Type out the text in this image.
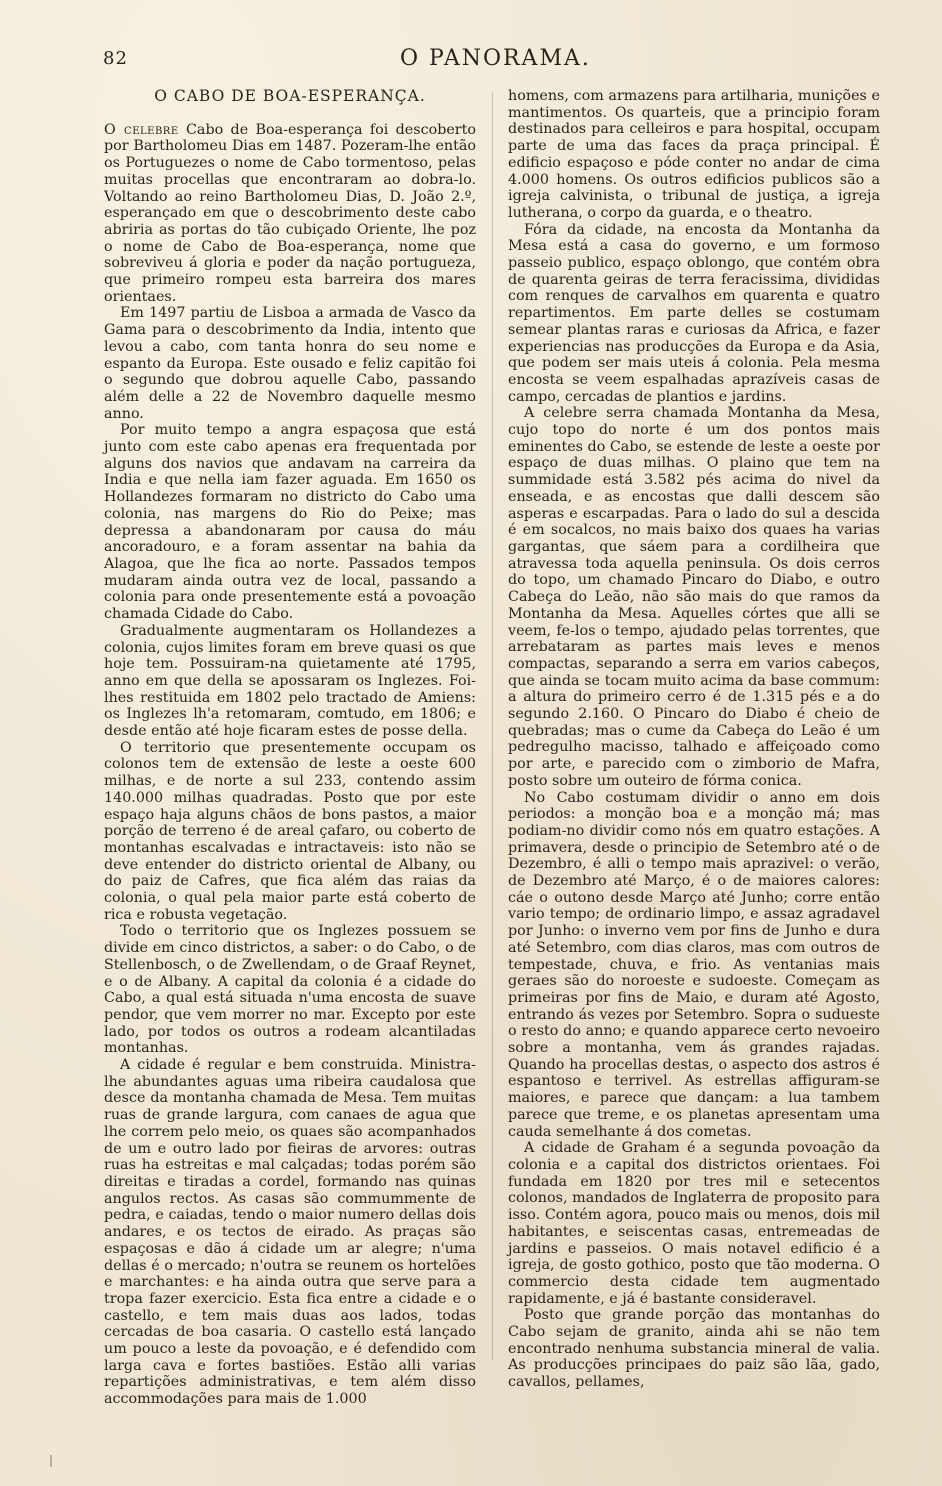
82	O PANORAMA.
O CABO DE BOA-ESPERANÇA.

O celebre Cabo de Boa-esperança foi descoberto por Bartholomeu Dias em 1487. Pozeram-lhe então os Portuguezes o nome de Cabo tormentoso, pelas muitas procellas que encontraram ao dobra-lo. Voltando ao reino Bartholomeu Dias, D. João 2.º, esperançado em que o descobrimento deste cabo abriria as portas do tão cubiçado Oriente, lhe poz o nome de Cabo de Boa-esperança, nome que sobreviveu á gloria e poder da nação portugueza, que primeiro rompeu esta barreira dos mares orientaes.

Em 1497 partiu de Lisboa a armada de Vasco da Gama para o descobrimento da India, intento que levou a cabo, com tanta honra do seu nome e espanto da Europa. Este ousado e feliz capitão foi o segundo que dobrou aquelle Cabo, passando além delle a 22 de Novembro daquelle mesmo anno.

Por muito tempo a angra espaçosa que está junto com este cabo apenas era frequentada por alguns dos navios que andavam na carreira da India e que nella iam fazer aguada. Em 1650 os Hollandezes formaram no districto do Cabo uma colonia, nas margens do Rio do Peixe; mas depressa a abandonaram por causa do máu ancoradouro, e a foram assentar na bahia da Alagoa, que lhe fica ao norte. Passados tempos mudaram ainda outra vez de local, passando a colonia para onde presentemente está a povoação chamada Cidade do Cabo.

Gradualmente augmentaram os Hollandezes a colonia, cujos limites foram em breve quasi os que hoje tem. Possuiram-na quietamente até 1795, anno em que della se apossaram os Inglezes. Foi-lhes restituida em 1802 pelo tractado de Amiens: os Inglezes lh'a retomaram, comtudo, em 1806; e desde então até hoje ficaram estes de posse della.

O territorio que presentemente occupam os colonos tem de extensão de leste a oeste 600 milhas, e de norte a sul 233, contendo assim 140.000 milhas quadradas. Posto que por este espaço haja alguns chãos de bons pastos, a maior porção de terreno é de areal çafaro, ou coberto de montanhas escalvadas e intractaveis: isto não se deve entender do districto oriental de Albany, ou do paiz de Cafres, que fica além das raias da colonia, o qual pela maior parte está coberto de rica e robusta vegetação.

Todo o territorio que os Inglezes possuem se divide em cinco districtos, a saber: o do Cabo, o de Stellenbosch, o de Zwellendam, o de Graaf Reynet, e o de Albany. A capital da colonia é a cidade do Cabo, a qual está situada n'uma encosta de suave pendor, que vem morrer no mar. Excepto por este lado, por todos os outros a rodeam alcantiladas montanhas.

A cidade é regular e bem construida. Ministra-lhe abundantes aguas uma ribeira caudalosa que desce da montanha chamada de Mesa. Tem muitas ruas de grande largura, com canaes de agua que lhe correm pelo meio, os quaes são acompanhados de um e outro lado por fieiras de arvores: outras ruas ha estreitas e mal calçadas; todas porém são direitas e tiradas a cordel, formando nas quinas angulos rectos. As casas são commummente de pedra, e caiadas, tendo o maior numero dellas dois andares, e os tectos de eirado. As praças são espaçosas e dão á cidade um ar alegre; n'uma dellas é o mercado; n'outra se reunem os hortelões e marchantes: e ha ainda outra que serve para a tropa fazer exercicio. Esta fica entre a cidade e o castello, e tem mais duas aos lados, todas cercadas de boa casaria. O castello está lançado um pouco a leste da povoação, e é defendido com larga cava e fortes bastiões. Estão alli varias repartições administrativas, e tem além disso accommodações para mais de 1.000

homens, com armazens para artilharia, munições e mantimentos. Os quarteis, que a principio foram destinados para celleiros e para hospital, occupam parte de uma das faces da praça principal. É edificio espaçoso e póde conter no andar de cima 4.000 homens. Os outros edificios publicos são a igreja calvinista, o tribunal de justiça, a igreja lutherana, o corpo da guarda, e o theatro.

Fóra da cidade, na encosta da Montanha da Mesa está a casa do governo, e um formoso passeio publico, espaço oblongo, que contém obra de quarenta geiras de terra feracissima, divididas com renques de carvalhos em quarenta e quatro repartimentos. Em parte delles se costumam semear plantas raras e curiosas da Africa, e fazer experiencias nas producções da Europa e da Asia, que podem ser mais uteis á colonia. Pela mesma encosta se veem espalhadas aprazíveis casas de campo, cercadas de plantios e jardins.

A celebre serra chamada Montanha da Mesa, cujo topo do norte é um dos pontos mais eminentes do Cabo, se estende de leste a oeste por espaço de duas milhas. O plaino que tem na summidade está 3.582 pés acima do nivel da enseada, e as encostas que dalli descem são asperas e escarpadas. Para o lado do sul a descida é em socalcos, no mais baixo dos quaes ha varias gargantas, que sáem para a cordilheira que atravessa toda aquella peninsula. Os dois cerros do topo, um chamado Pincaro do Diabo, e outro Cabeça do Leão, não são mais do que ramos da Montanha da Mesa. Aquelles córtes que alli se veem, fe-los o tempo, ajudado pelas torrentes, que arrebataram as partes mais leves e menos compactas, separando a serra em varios cabeços, que ainda se tocam muito acima da base commum: a altura do primeiro cerro é de 1.315 pés e a do segundo 2.160. O Pincaro do Diabo é cheio de quebradas; mas o cume da Cabeça do Leão é um pedregulho macisso, talhado e affeiçoado como por arte, e parecido com o zimborio de Mafra, posto sobre um outeiro de fórma conica.

No Cabo costumam dividir o anno em dois periodos: a monção boa e a monção má; mas podiam-no dividir como nós em quatro estações. A primavera, desde o principio de Setembro até o de Dezembro, é alli o tempo mais aprazivel: o verão, de Dezembro até Março, é o de maiores calores: cáe o outono desde Março até Junho; corre então vario tempo; de ordinario limpo, e assaz agradavel por Junho: o inverno vem por fins de Junho e dura até Setembro, com dias claros, mas com outros de tempestade, chuva, e frio. As ventanias mais geraes são do noroeste e sudoeste. Começam as primeiras por fins de Maio, e duram até Agosto, entrando ás vezes por Setembro. Sopra o sudueste o resto do anno; e quando apparece certo nevoeiro sobre a montanha, vem ás grandes rajadas. Quando ha procellas destas, o aspecto dos astros é espantoso e terrivel. As estrellas affiguram-se maiores, e parece que dançam: a lua tambem parece que treme, e os planetas apresentam uma cauda semelhante á dos cometas.

A cidade de Graham é a segunda povoação da colonia e a capital dos districtos orientaes. Foi fundada em 1820 por tres mil e setecentos colonos, mandados de Inglaterra de proposito para isso. Contém agora, pouco mais ou menos, dois mil habitantes, e seiscentas casas, entremeadas de jardins e passeios. O mais notavel edificio é a igreja, de gosto gothico, posto que tão moderna. O commercio desta cidade tem augmentado rapidamente, e já é bastante consideravel.

Posto que grande porção das montanhas do Cabo sejam de granito, ainda ahi se não tem encontrado nenhuma substancia mineral de valia. As producções principaes do paiz são lãa, gado, cavallos, pellames,
